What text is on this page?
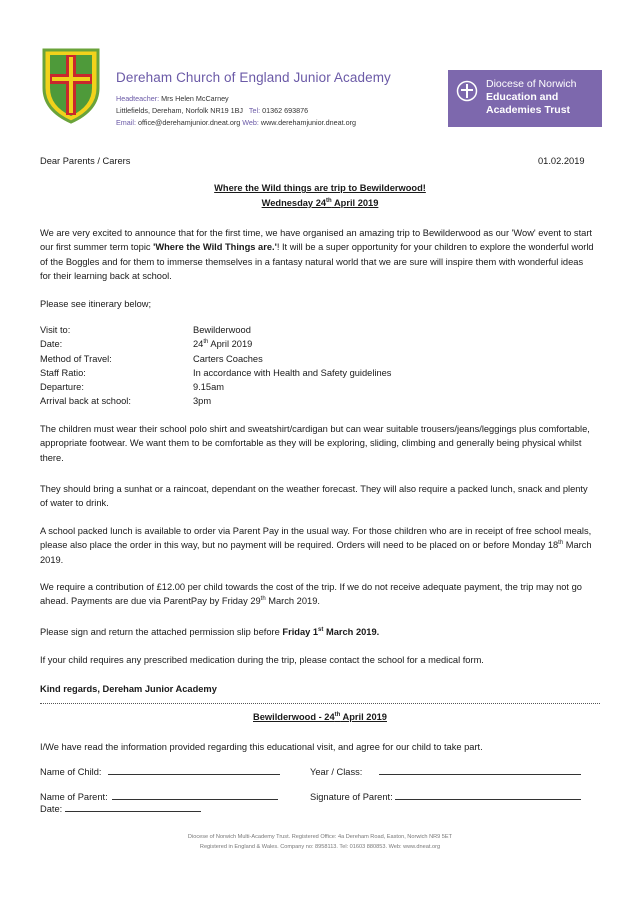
Dereham Church of England Junior Academy
Headteacher: Mrs Helen McCarney
Littlefields, Dereham, Norfolk NR19 1BJ Tel: 01362 693876
Email: office@derehamjunior.dneat.org Web: www.derehamjunior.dneat.org
Diocese of Norwich
Education and
Academies Trust
Dear Parents / Carers	01.02.2019
Where the Wild things are trip to Bewilderwood!
Wednesday 24th April 2019
We are very excited to announce that for the first time, we have organised an amazing trip to Bewilderwood as our 'Wow' event to start our first summer term topic 'Where the Wild Things are.'! It will be a super opportunity for your children to explore the wonderful world of the Boggles and for them to immerse themselves in a fantasy natural world that we are sure will inspire them with wonderful ideas for their learning back at school.
Please see itinerary below;
Visit to:	Bewilderwood
Date:	24th April 2019
Method of Travel:	Carters Coaches
Staff Ratio:	In accordance with Health and Safety guidelines
Departure:	9.15am
Arrival back at school:	3pm
The children must wear their school polo shirt and sweatshirt/cardigan but can wear suitable trousers/jeans/leggings plus comfortable, appropriate footwear. We want them to be comfortable as they will be exploring, sliding, climbing and generally being physical whilst there.
They should bring a sunhat or a raincoat, dependant on the weather forecast. They will also require a packed lunch, snack and plenty of water to drink.
A school packed lunch is available to order via Parent Pay in the usual way. For those children who are in receipt of free school meals, please also place the order in this way, but no payment will be required. Orders will need to be placed on or before Monday 18th March 2019.
We require a contribution of £12.00 per child towards the cost of the trip. If we do not receive adequate payment, the trip may not go ahead. Payments are due via ParentPay by Friday 29th March 2019.
Please sign and return the attached permission slip before Friday 1st March 2019.
If your child requires any prescribed medication during the trip, please contact the school for a medical form.
Kind regards, Dereham Junior Academy
Bewilderwood - 24th April 2019
I/We have read the information provided regarding this educational visit, and agree for our child to take part.
Name of Child:	Year / Class:
Name of Parent:	Signature of Parent:
Date:
Diocese of Norwich Multi-Academy Trust. Registered Office: 4a Dereham Road, Easton, Norwich NR9 5ET
Registered in England & Wales. Company no: 8958113. Tel: 01603 880853. Web: www.dneat.org
